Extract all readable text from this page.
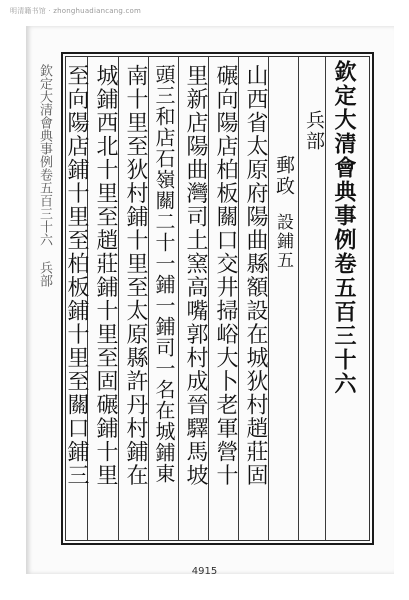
明清籍书馆 · zhonghuadiancang.com
欽定大清會典事例卷五百三十六
兵部
郵政
設鋪五
山西省太原府陽曲縣額設在城狄村趙莊固
碾向陽店柏板關口交井掃峪大卜老軍營十
里新店陽曲灣司土窯高嘴郭村成晉驛馬坡
頭三和店石嶺關二十一鋪一鋪司一名在城鋪東
南十里至狄村鋪十里至太原縣許丹村鋪在
城鋪西北十里至趙莊鋪十里至固碾鋪十里
至向陽店鋪十里至柏板鋪十里至關口鋪三
欽定大清會典事例卷五百三十六 兵部
4915
